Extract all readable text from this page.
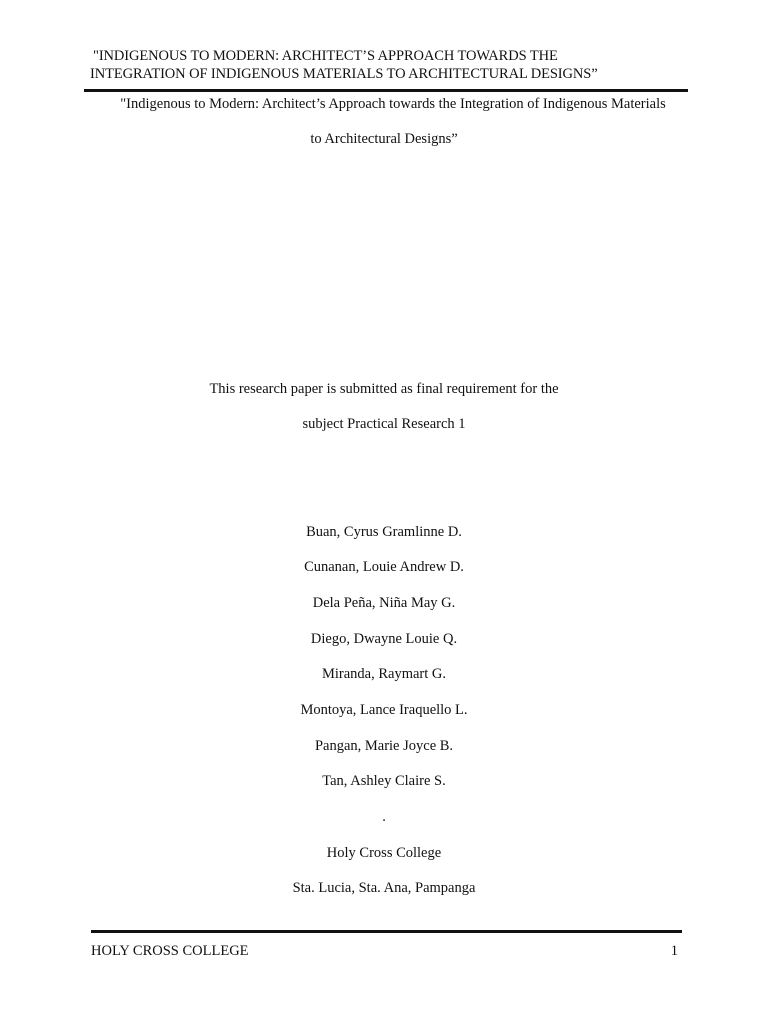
"INDIGENOUS TO MODERN: ARCHITECT’S APPROACH TOWARDS THE
INTEGRATION OF INDIGENOUS MATERIALS TO ARCHITECTURAL DESIGNS”
"Indigenous to Modern: Architect’s Approach towards the Integration of Indigenous Materials
to Architectural Designs”
This research paper is submitted as final requirement for the
subject Practical Research 1
Buan, Cyrus Gramlinne D.
Cunanan, Louie Andrew D.
Dela Peña, Niña May G.
Diego, Dwayne Louie Q.
Miranda, Raymart G.
Montoya, Lance Iraquello L.
Pangan, Marie Joyce B.
Tan, Ashley Claire S.
.
Holy Cross College
Sta. Lucia, Sta. Ana, Pampanga
HOLY CROSS COLLEGE	1
